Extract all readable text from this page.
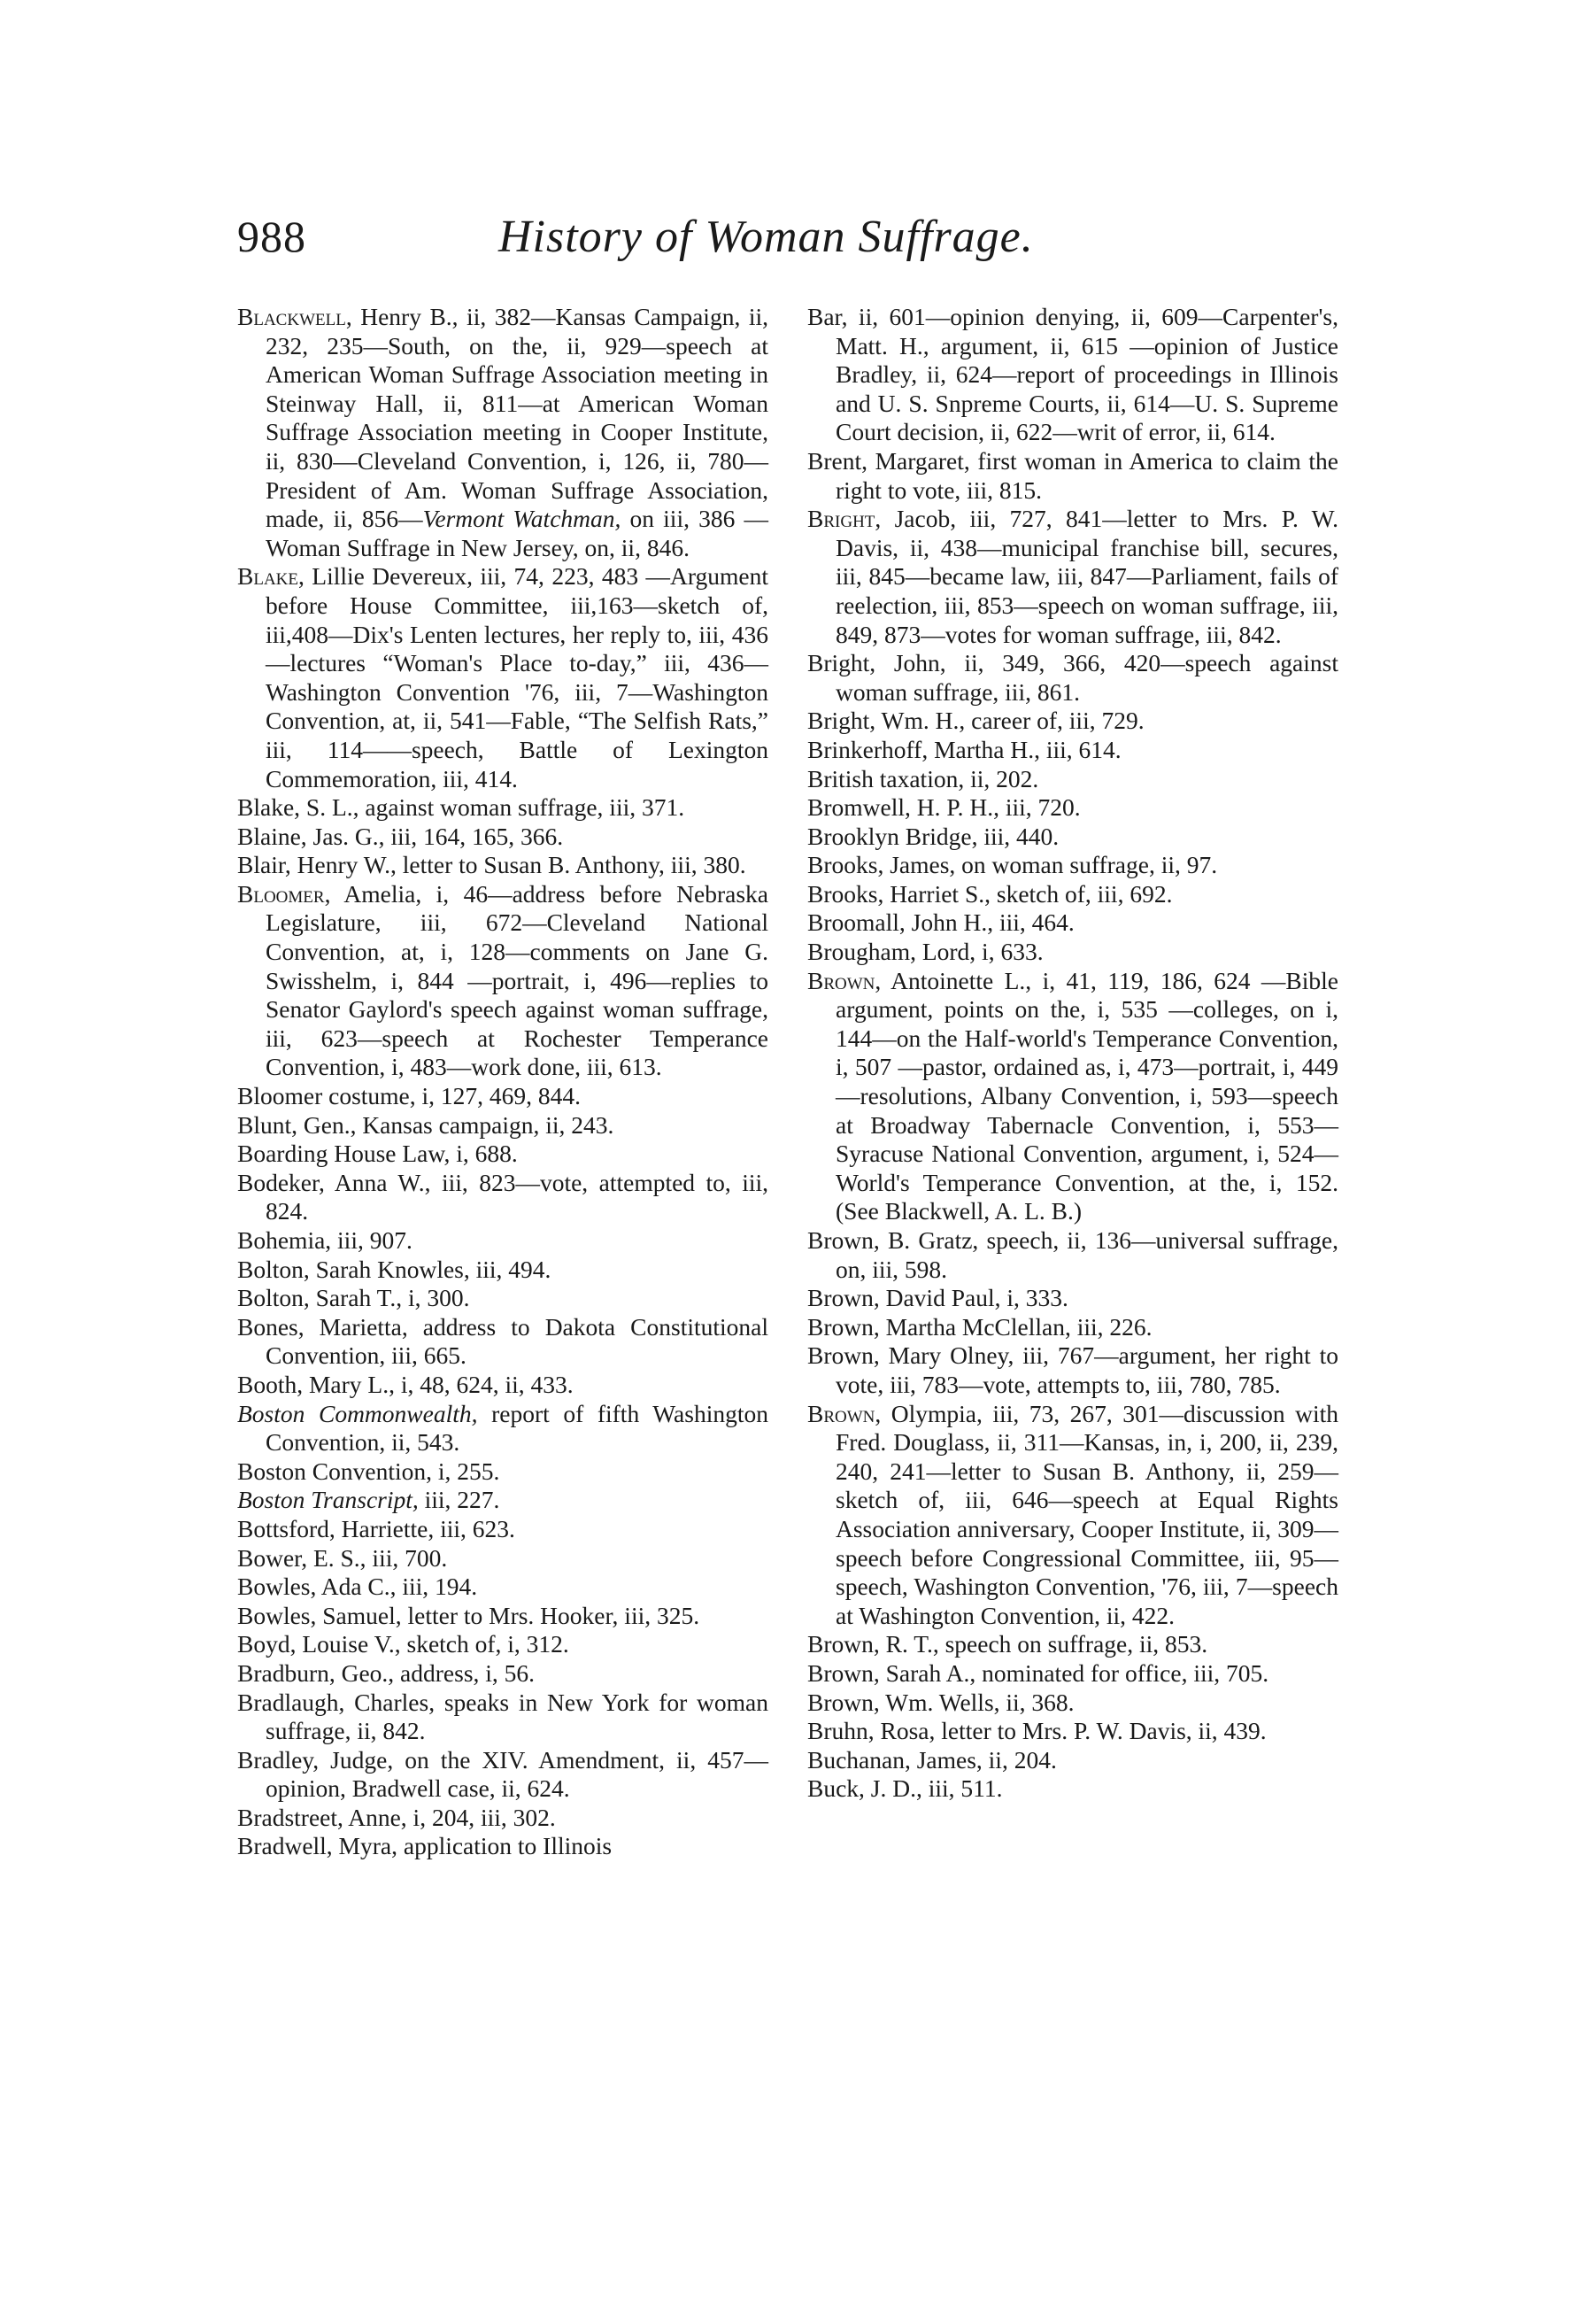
988	History of Woman Suffrage.
Blackwell, Henry B., ii, 382—Kansas Campaign, ii, 232, 235—South, on the, ii, 929—speech at American Woman Suffrage Association meeting in Steinway Hall, ii, 811—at American Woman Suffrage Association meeting in Cooper Institute, ii, 830—Cleveland Convention, i, 126, ii, 780—President of Am. Woman Suffrage Association, made, ii, 856—Vermont Watchman, on iii, 386 —Woman Suffrage in New Jersey, on, ii, 846.
Blake, Lillie Devereux, iii, 74, 223, 483 —Argument before House Committee, iii,163—sketch of, iii,408—Dix's Lenten lectures, her reply to, iii, 436—lectures “Woman's Place to-day,” iii, 436—Washington Convention '76, iii, 7—Washington Convention, at, ii, 541—Fable, “The Selfish Rats,” iii, 114——speech, Battle of Lexington Commemoration, iii, 414.
Blake, S. L., against woman suffrage, iii, 371.
Blaine, Jas. G., iii, 164, 165, 366.
Blair, Henry W., letter to Susan B. Anthony, iii, 380.
Bloomer, Amelia, i, 46—address before Nebraska Legislature, iii, 672—Cleveland National Convention, at, i, 128—comments on Jane G. Swisshelm, i, 844 —portrait, i, 496—replies to Senator Gaylord's speech against woman suffrage, iii, 623—speech at Rochester Temperance Convention, i, 483—work done, iii, 613.
Bloomer costume, i, 127, 469, 844.
Blunt, Gen., Kansas campaign, ii, 243.
Boarding House Law, i, 688.
Bodeker, Anna W., iii, 823—vote, attempted to, iii, 824.
Bohemia, iii, 907.
Bolton, Sarah Knowles, iii, 494.
Bolton, Sarah T., i, 300.
Bones, Marietta, address to Dakota Constitutional Convention, iii, 665.
Booth, Mary L., i, 48, 624, ii, 433.
Boston Commonwealth, report of fifth Washington Convention, ii, 543.
Boston Convention, i, 255.
Boston Transcript, iii, 227.
Bottsford, Harriette, iii, 623.
Bower, E. S., iii, 700.
Bowles, Ada C., iii, 194.
Bowles, Samuel, letter to Mrs. Hooker, iii, 325.
Boyd, Louise V., sketch of, i, 312.
Bradburn, Geo., address, i, 56.
Bradlaugh, Charles, speaks in New York for woman suffrage, ii, 842.
Bradley, Judge, on the XIV. Amendment, ii, 457—opinion, Bradwell case, ii, 624.
Bradstreet, Anne, i, 204, iii, 302.
Bradwell, Myra, application to Illinois
Bar, ii, 601—opinion denying, ii, 609—Carpenter's, Matt. H., argument, ii, 615 —opinion of Justice Bradley, ii, 624—report of proceedings in Illinois and U. S. Snpreme Courts, ii, 614—U. S. Supreme Court decision, ii, 622—writ of error, ii, 614.
Brent, Margaret, first woman in America to claim the right to vote, iii, 815.
Bright, Jacob, iii, 727, 841—letter to Mrs. P. W. Davis, ii, 438—municipal franchise bill, secures, iii, 845—became law, iii, 847—Parliament, fails of reelection, iii, 853—speech on woman suffrage, iii, 849, 873—votes for woman suffrage, iii, 842.
Bright, John, ii, 349, 366, 420—speech against woman suffrage, iii, 861.
Bright, Wm. H., career of, iii, 729.
Brinkerhoff, Martha H., iii, 614.
British taxation, ii, 202.
Bromwell, H. P. H., iii, 720.
Brooklyn Bridge, iii, 440.
Brooks, James, on woman suffrage, ii, 97.
Brooks, Harriet S., sketch of, iii, 692.
Broomall, John H., iii, 464.
Brougham, Lord, i, 633.
Brown, Antoinette L., i, 41, 119, 186, 624 —Bible argument, points on the, i, 535 —colleges, on i, 144—on the Half-world's Temperance Convention, i, 507 —pastor, ordained as, i, 473—portrait, i, 449—resolutions, Albany Convention, i, 593—speech at Broadway Tabernacle Convention, i, 553—Syracuse National Convention, argument, i, 524—World's Temperance Convention, at the, i, 152. (See Blackwell, A. L. B.)
Brown, B. Gratz, speech, ii, 136—universal suffrage, on, iii, 598.
Brown, David Paul, i, 333.
Brown, Martha McClellan, iii, 226.
Brown, Mary Olney, iii, 767—argument, her right to vote, iii, 783—vote, attempts to, iii, 780, 785.
Brown, Olympia, iii, 73, 267, 301—discussion with Fred. Douglass, ii, 311—Kansas, in, i, 200, ii, 239, 240, 241—letter to Susan B. Anthony, ii, 259—sketch of, iii, 646—speech at Equal Rights Association anniversary, Cooper Institute, ii, 309—speech before Congressional Committee, iii, 95—speech, Washington Convention, '76, iii, 7—speech at Washington Convention, ii, 422.
Brown, R. T., speech on suffrage, ii, 853.
Brown, Sarah A., nominated for office, iii, 705.
Brown, Wm. Wells, ii, 368.
Bruhn, Rosa, letter to Mrs. P. W. Davis, ii, 439.
Buchanan, James, ii, 204.
Buck, J. D., iii, 511.
